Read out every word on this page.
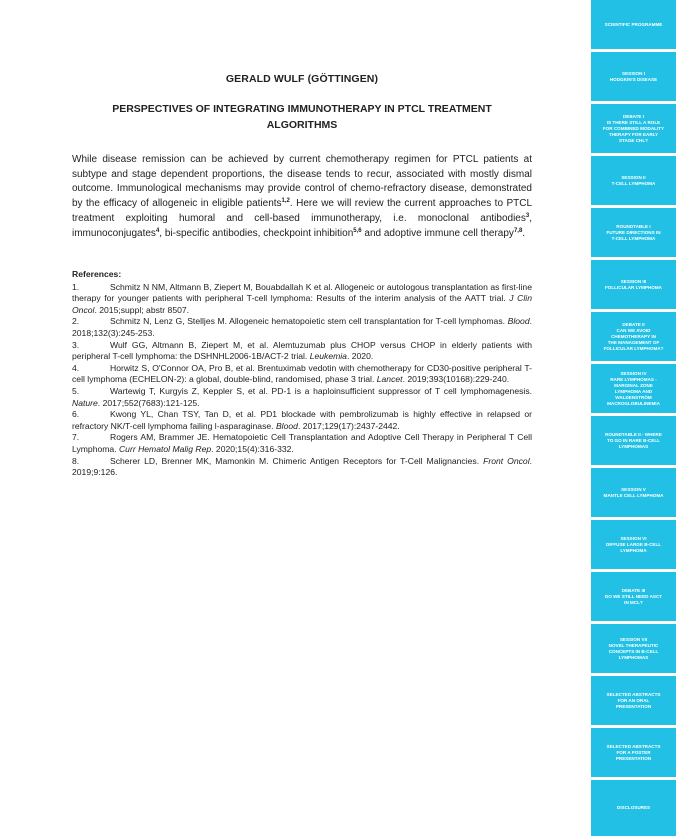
GERALD WULF (GÖTTINGEN)
PERSPECTIVES OF INTEGRATING IMMUNOTHERAPY IN PTCL TREATMENT
ALGORITHMS

While disease remission can be achieved by current chemotherapy regimen for PTCL patients at subtype and stage dependent proportions, the disease tends to recur, associated with mostly dismal outcome. Immunological mechanisms may provide control of chemo-refractory disease, demonstrated by the efficacy of allogeneic in eligible patients$^{1,2}$. Here we will review the current approaches to PTCL treatment exploiting humoral and cell-based immunotherapy, i.e. monoclonal antibodies$^3$, immunoconjugates$^4$, bi-specific antibodies, checkpoint inhibition$^{5,6}$ and adoptive immune cell therapy$^{7,8}$.

References:

1.	Schmitz N NM, Altmann B, Ziepert M, Bouabdallah K et al. Allogeneic or autologous transplantation as first-line therapy for younger patients with peripheral T-cell lymphoma: Results of the interim analysis of the AATT trial. J Clin Oncol. 2015;suppl; abstr 8507.

2.	Schmitz N, Lenz G, Stelljes M. Allogeneic hematopoietic stem cell transplantation for T-cell lymphomas. Blood. 2018;132(3):245-253.

3.	Wulf GG, Altmann B, Ziepert M, et al. Alemtuzumab plus CHOP versus CHOP in elderly patients with peripheral T-cell lymphoma: the DSHNHL2006-1B/ACT-2 trial. Leukemia. 2020.

4.	Horwitz S, O'Connor OA, Pro B, et al. Brentuximab vedotin with chemotherapy for CD30-positive peripheral T-cell lymphoma (ECHELON-2): a global, double-blind, randomised, phase 3 trial. Lancet. 2019;393(10168):229-240.

5.	Wartewig T, Kurgyis Z, Keppler S, et al. PD-1 is a haploinsufficient suppressor of T cell lymphomagenesis. Nature. 2017;552(7683):121-125.

6.	Kwong YL, Chan TSY, Tan D, et al. PD1 blockade with pembrolizumab is highly effective in relapsed or refractory NK/T-cell lymphoma failing l-asparaginase. Blood. 2017;129(17):2437-2442.

7.	Rogers AM, Brammer JE. Hematopoietic Cell Transplantation and Adoptive Cell Therapy in Peripheral T Cell Lymphoma. Curr Hematol Malig Rep. 2020;15(4):316-332.

8.	Scherer LD, Brenner MK, Mamonkin M. Chimeric Antigen Receptors for T-Cell Malignancies. Front Oncol. 2019;9:126.

SCIENTIFIC PROGRAMME
SESSION I
HODGKIN'S DISEASE
DEBATE I
IS THERE STILL A ROLE
FOR COMBINED MODALITY
THERAPY FOR EARLY
STAGE CHL?
SESSION II
T-CELL LYMPHOMA
ROUNDTABLE I
FUTURE DIRECTIONS IN
T-CELL LYMPHOMA
SESSION III
FOLLICULAR LYMPHOMA
DEBATE II
CAN WE AVOID
CHEMOTHERAPY IN
THE MANAGEMENT OF
FOLLICULAR LYMPHOMA?
SESSION IV
RARE LYMPHOMAS -
MARGINAL ZONE
LYMPHOMA AND
WALDENSTRÖM
MACROGLOBULINEMIA
ROUNDTABLE II - WHERE
TO GO IN RARE B-CELL
LYMPHOMAS
SESSION V
MANTLE CELL LYMPHOMA
SESSION VI
DIFFUSE LARGE B-CELL
LYMPHOMA
DEBATE III
DO WE STILL NEED ASCT
IN MCL?
SESSION VII
NOVEL THERAPEUTIC
CONCEPTS IN B-CELL
LYMPHOMAS
SELECTED ABSTRACTS
FOR AN ORAL
PRESENTATION
SELECTED ABSTRACTS
FOR A POSTER
PRESENTATION
DISCLOSURES
